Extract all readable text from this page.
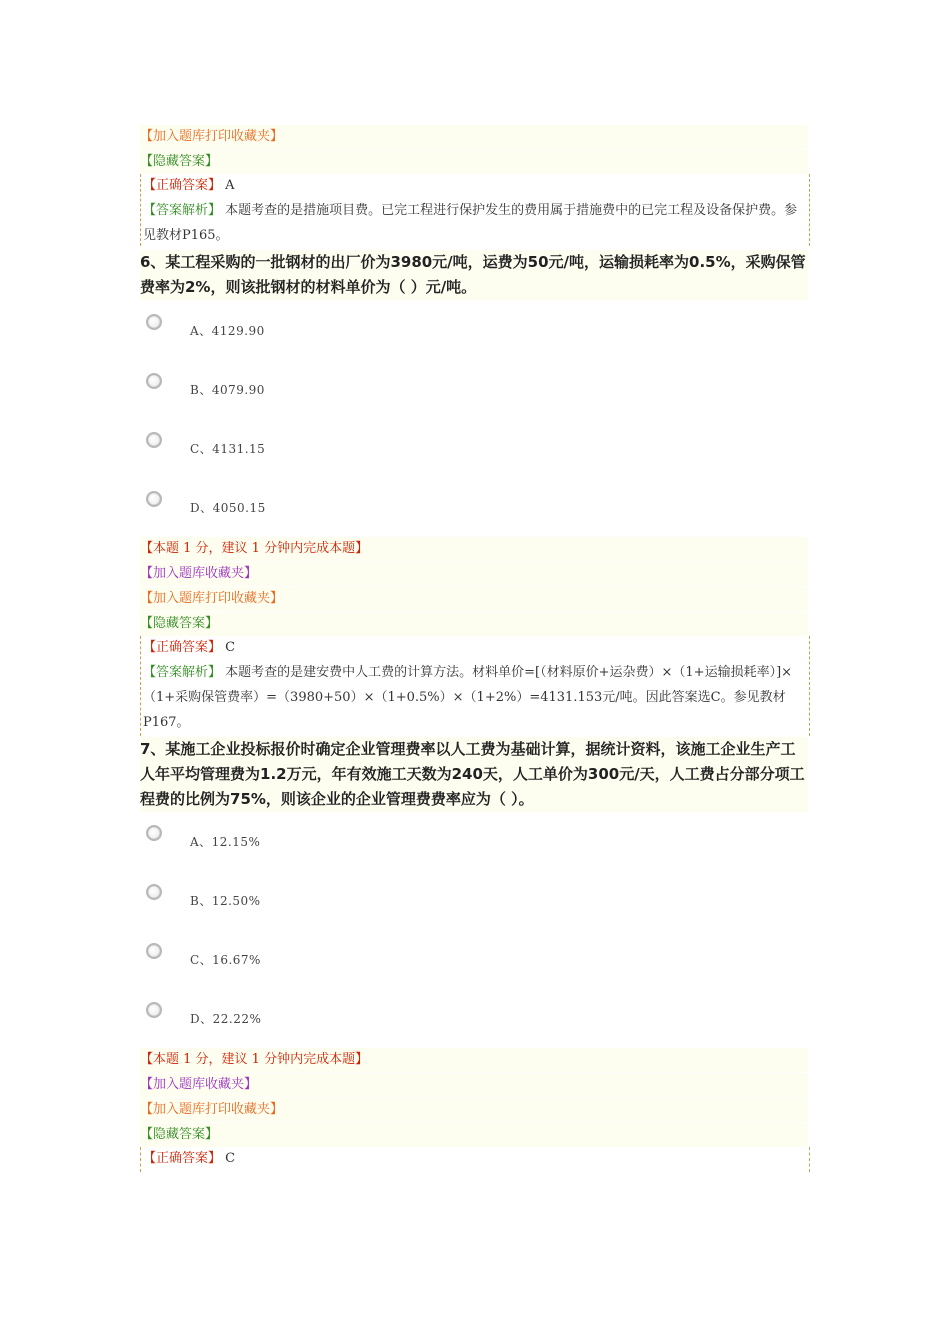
【加入题库打印收藏夹】
【隐藏答案】
【正确答案】 A
【答案解析】 本题考查的是措施项目费。已完工程进行保护发生的费用属于措施费中的已完工程及设备保护费。参见教材P165。
6、某工程采购的一批钢材的出厂价为3980元/吨，运费为50元/吨，运输损耗率为0.5%，采购保管费率为2%，则该批钢材的材料单价为（ ）元/吨。
A、4129.90
B、4079.90
C、4131.15
D、4050.15
【本题 1 分，建议 1 分钟内完成本题】
【加入题库收藏夹】
【加入题库打印收藏夹】
【隐藏答案】
【正确答案】 C
【答案解析】 本题考查的是建安费中人工费的计算方法。材料单价=[（材料原价+运杂费）×（1+运输损耗率）]×（1+采购保管费率）=（3980+50）×（1+0.5%）×（1+2%）=4131.153元/吨。因此答案选C。参见教材P167。
7、某施工企业投标报价时确定企业管理费率以人工费为基础计算，据统计资料，该施工企业生产工人年平均管理费为1.2万元，年有效施工天数为240天，人工单价为300元/天，人工费占分部分项工程费的比例为75%，则该企业的企业管理费费率应为（ ）。
A、12.15%
B、12.50%
C、16.67%
D、22.22%
【本题 1 分，建议 1 分钟内完成本题】
【加入题库收藏夹】
【加入题库打印收藏夹】
【隐藏答案】
【正确答案】 C
